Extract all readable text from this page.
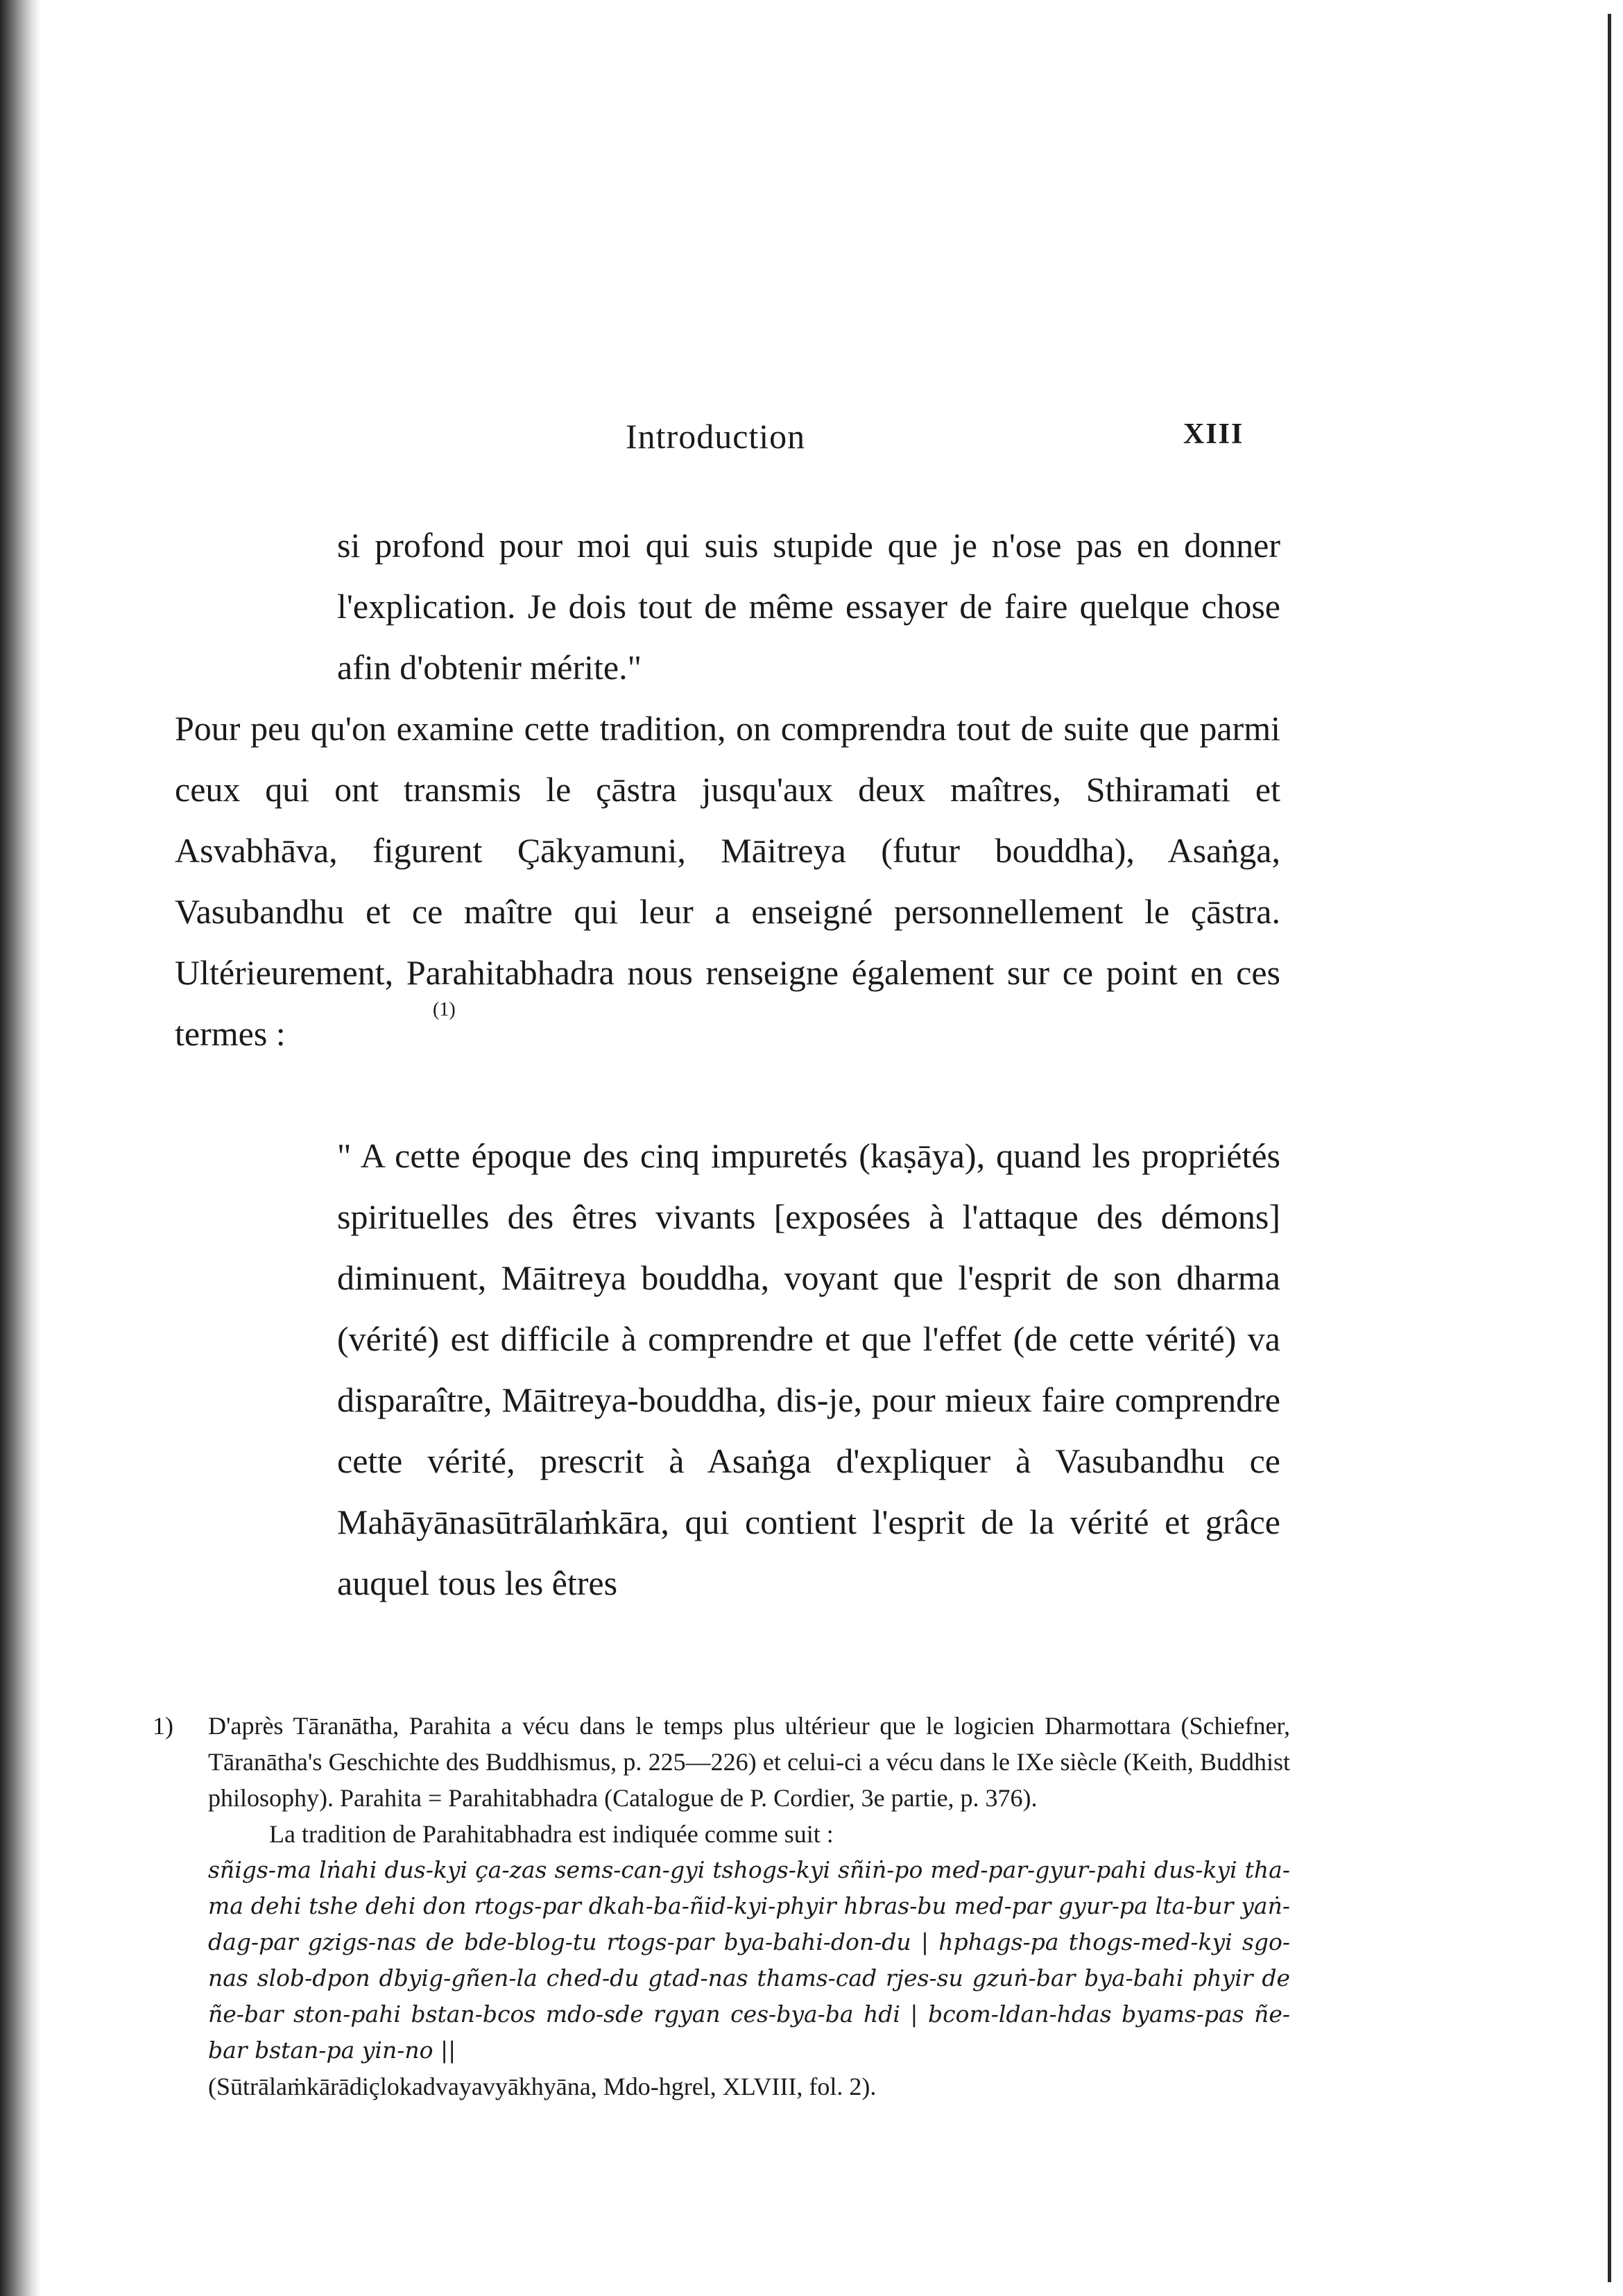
Introduction	XIII

si profond pour moi qui suis stupide que je n'ose pas en donner l'explication. Je dois tout de même essayer de faire quelque chose afin d'obtenir mérite."

Pour peu qu'on examine cette tradition, on comprendra tout de suite que parmi ceux qui ont transmis le çāstra jusqu'aux deux maîtres, Sthiramati et Asvabhāva, figurent Çākyamuni, Māitreya (futur bouddha), Asaṅga, Vasubandhu et ce maître qui leur a enseigné personnellement le çāstra. Ultérieurement, Parahitabhadra nous renseigne également sur ce point en ces termes :

(1)

" A cette époque des cinq impuretés (kaṣāya), quand les propriétés spirituelles des êtres vivants [exposées à l'attaque des démons] diminuent, Māitreya bouddha, voyant que l'esprit de son dharma (vérité) est difficile à comprendre et que l'effet (de cette vérité) va disparaître, Māitreya-bouddha, dis-je, pour mieux faire comprendre cette vérité, prescrit à Asaṅga d'expliquer à Vasubandhu ce Mahāyānasūtrālaṁkāra, qui contient l'esprit de la vérité et grâce auquel tous les êtres

1) D'après Tāranātha, Parahita a vécu dans le temps plus ultérieur que le logicien Dharmottara (Schiefner, Tāranātha's Geschichte des Buddhismus, p. 225—226) et celui-ci a vécu dans le IXe siècle (Keith, Buddhist philosophy). Parahita = Parahitabhadra (Catalogue de P. Cordier, 3e partie, p. 376).

La tradition de Parahitabhadra est indiquée comme suit :

sñigs-ma lṅahi dus-kyi ça-zas sems-can-gyi tshogs-kyi sñiṅ-po med-par-gyur-pahi dus-kyi tha-ma dehi tshe dehi don rtogs-par dkah-ba-ñid-kyi-phyir hbras-bu med-par gyur-pa lta-bur yaṅ-dag-par gzigs-nas de bde-blog-tu rtogs-par bya-bahi-don-du | hphags-pa thogs-med-kyi sgo-nas slob-dpon dbyig-gñen-la ched-du gtad-nas thams-cad rjes-su gzuṅ-bar bya-bahi phyir de ñe-bar ston-pahi bstan-bcos mdo-sde rgyan ces-bya-ba hdi | bcom-ldan-hdas byams-pas ñe-bar bstan-pa yin-no ||

(Sūtrālaṁkārādiçlokadvayavyākhyāna, Mdo-hgrel, XLVIII, fol. 2).
